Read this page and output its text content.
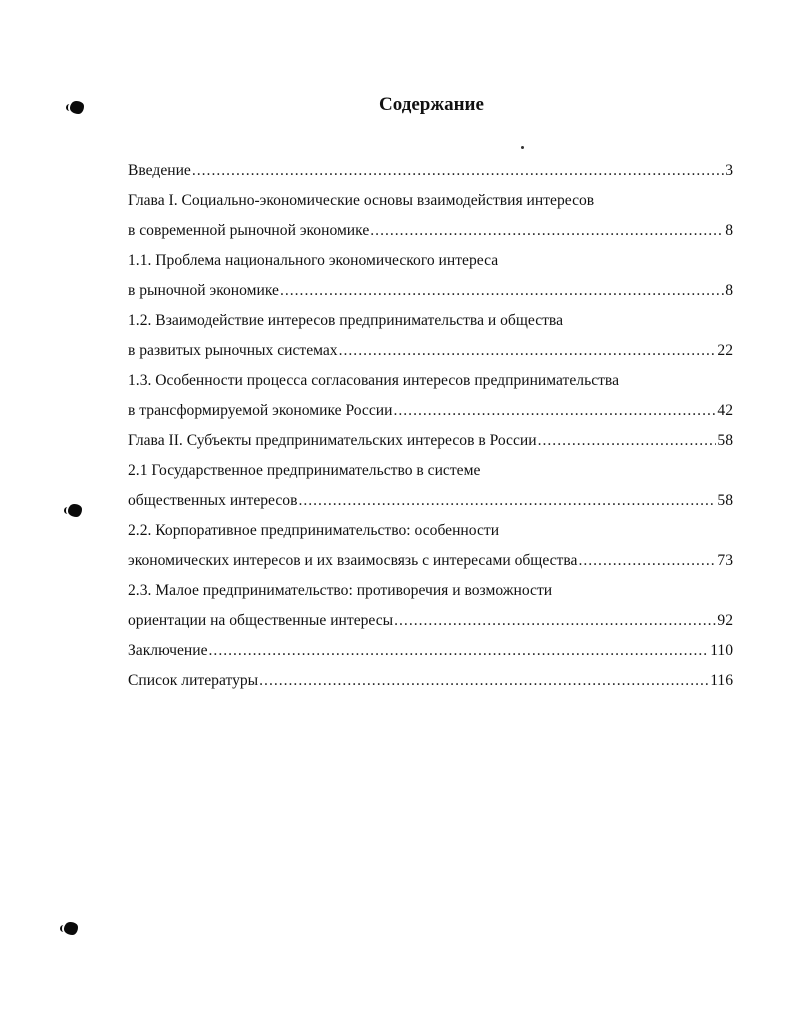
Содержание
Введение .....	3
Глава I. Социально-экономические основы взаимодействия интересов
в современной рыночной экономике .....	8
1.1. Проблема национального экономического интереса
в рыночной экономике .....	8
1.2. Взаимодействие интересов предпринимательства и общества
в развитых рыночных системах .....	22
1.3. Особенности процесса согласования интересов предпринимательства
в трансформируемой экономике России .....	42
Глава II. Субъекты предпринимательских интересов в России .....	58
2.1 Государственное предпринимательство в системе
общественных интересов .....	58
2.2. Корпоративное предпринимательство: особенности
экономических интересов и их взаимосвязь с интересами общества .....	73
2.3. Малое предпринимательство: противоречия и возможности
ориентации на общественные интересы .....	92
Заключение .....	110
Список литературы .....	116
